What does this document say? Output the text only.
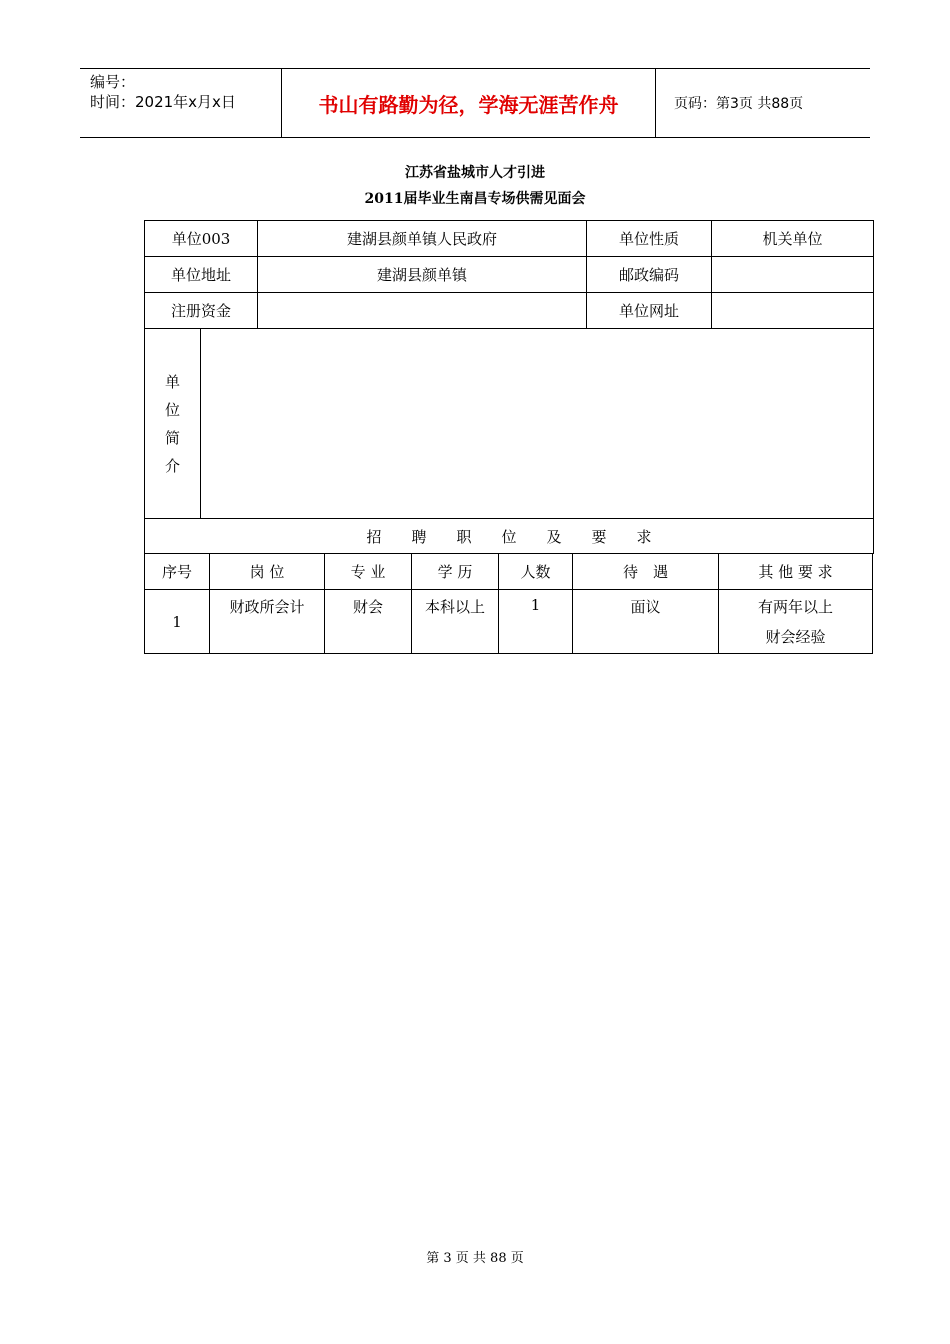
编号：
时间：2021年x月x日	书山有路勤为径，学海无涯苦作舟	页码：第3页 共88页
江苏省盐城市人才引进
2011届毕业生南昌专场供需见面会
单位003		建湖县颜单镇人民政府	单位性质	机关单位
单位地址		建湖县颜单镇	邮政编码	
注册资金			单位网址	

单
位
简
介				

招　　聘　　职　　位　　及　　要　　求				
序号	岗 位	专 业	学 历	人数	待　遇	其 他 要 求
1	财政所会计	财会	本科以上	1	面议	有两年以上
财会经验
第 3 页 共 88 页
